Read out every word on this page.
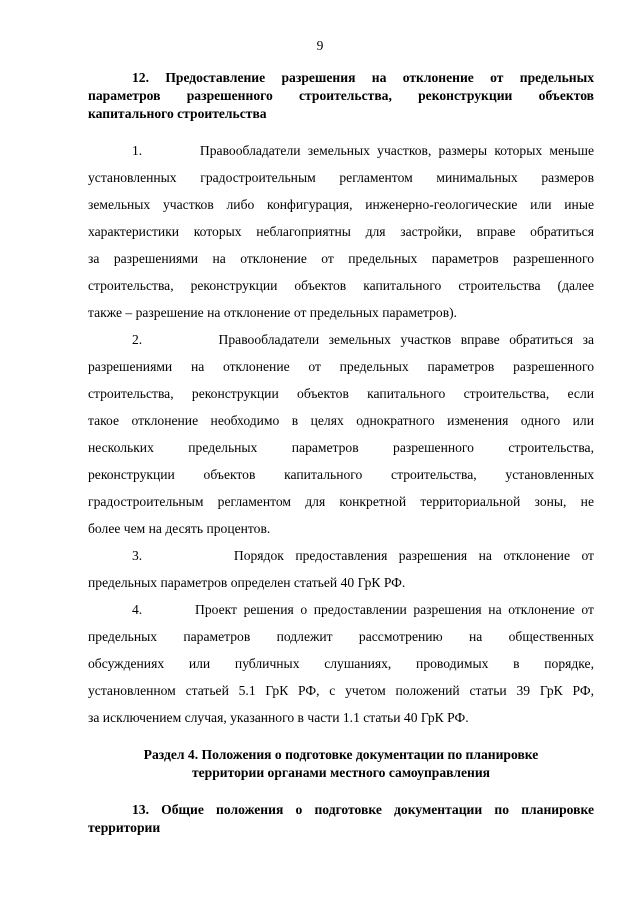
9
12. Предоставление разрешения на отклонение от предельных
параметров разрешенного строительства, реконструкции объектов
капитального строительства
1.        Правообладатели земельных участков, размеры которых меньше
установленных градостроительным регламентом минимальных размеров
земельных участков либо конфигурация, инженерно-геологические или иные
характеристики которых неблагоприятны для застройки, вправе обратиться
за разрешениями на отклонение от предельных параметров разрешенного
строительства, реконструкции объектов капитального строительства (далее
также – разрешение на отклонение от предельных параметров).
2.        Правообладатели земельных участков вправе обратиться за
разрешениями на отклонение от предельных параметров разрешенного
строительства, реконструкции объектов капитального строительства, если
такое отклонение необходимо в целях однократного изменения одного или
нескольких предельных параметров разрешенного строительства,
реконструкции объектов капитального строительства, установленных
градостроительным регламентом для конкретной территориальной зоны, не
более чем на десять процентов.
3.        Порядок предоставления разрешения на отклонение от
предельных параметров определен статьей 40 ГрК РФ.
4.        Проект решения о предоставлении разрешения на отклонение от
предельных параметров подлежит рассмотрению на общественных
обсуждениях или публичных слушаниях, проводимых в порядке,
установленном статьей 5.1 ГрК РФ, с учетом положений статьи 39 ГрК РФ,
за исключением случая, указанного в части 1.1 статьи 40 ГрК РФ.
Раздел 4. Положения о подготовке документации по планировке
территории органами местного самоуправления
13. Общие положения о подготовке документации по планировке
территории
